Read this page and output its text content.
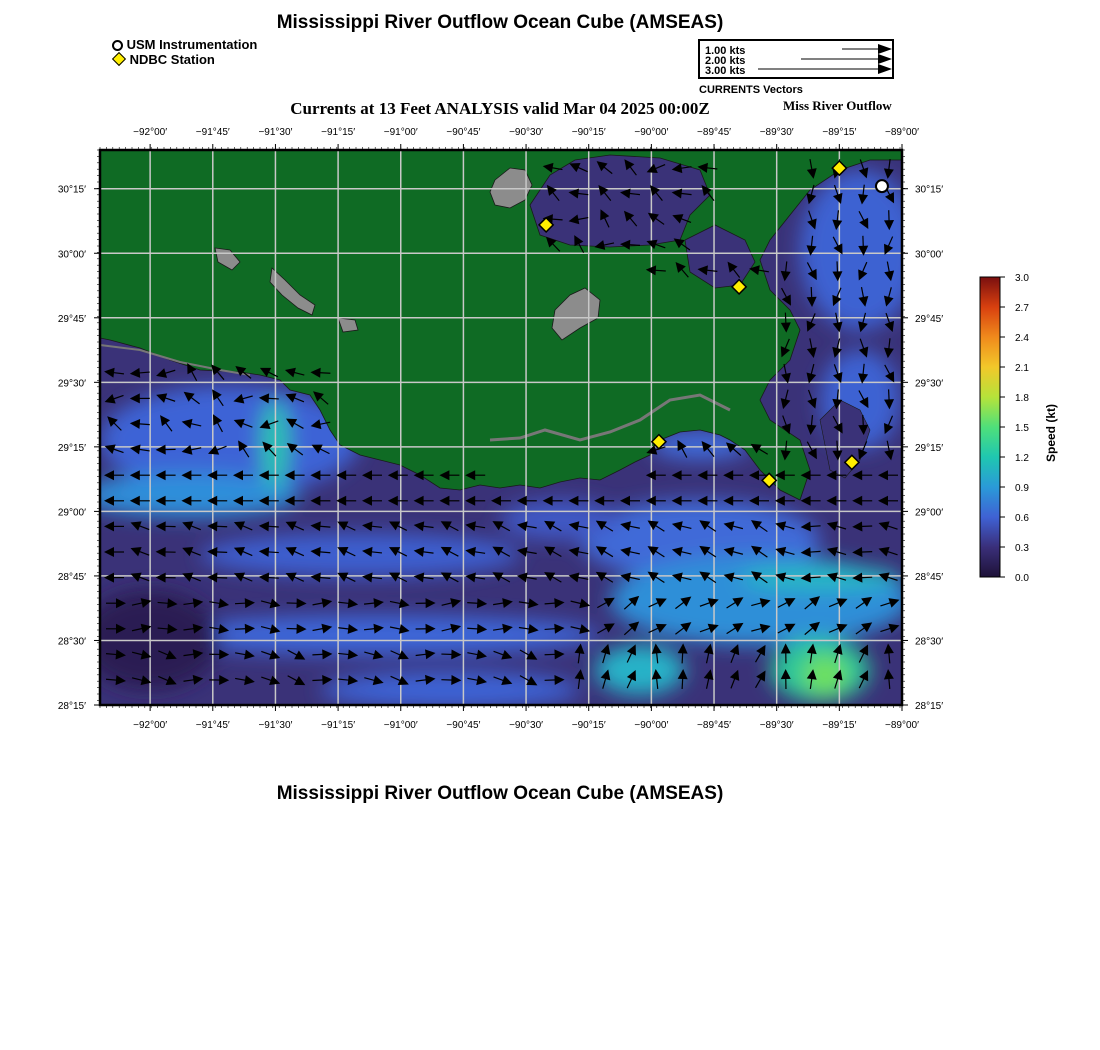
Mississippi River Outflow Ocean Cube (AMSEAS)
USM Instrumentation
NDBC Station
1.00 kts
2.00 kts
3.00 kts
CURRENTS Vectors
Currents at 13 Feet ANALYSIS valid Mar 04 2025 00:00Z	Miss River Outflow
−92°00′
−92°00′
−91°45′
−91°45′
−91°30′
−91°30′
−91°15′
−91°15′
−91°00′
−91°00′
−90°45′
−90°45′
−90°30′
−90°30′
−90°15′
−90°15′
−90°00′
−90°00′
−89°45′
−89°45′
−89°30′
−89°30′
−89°15′
−89°15′
−89°00′
−89°00′
30°15′	30°15′
30°00′	30°00′
29°45′	29°45′
29°30′	29°30′
29°15′	29°15′
29°00′	29°00′
28°45′	28°45′
28°30′	28°30′
28°15′	28°15′
3.0
2.7
2.4
2.1
1.8
1.5
1.2
0.9
0.6
0.3
0.0
Speed (kt)
Mississippi River Outflow Ocean Cube (AMSEAS)
